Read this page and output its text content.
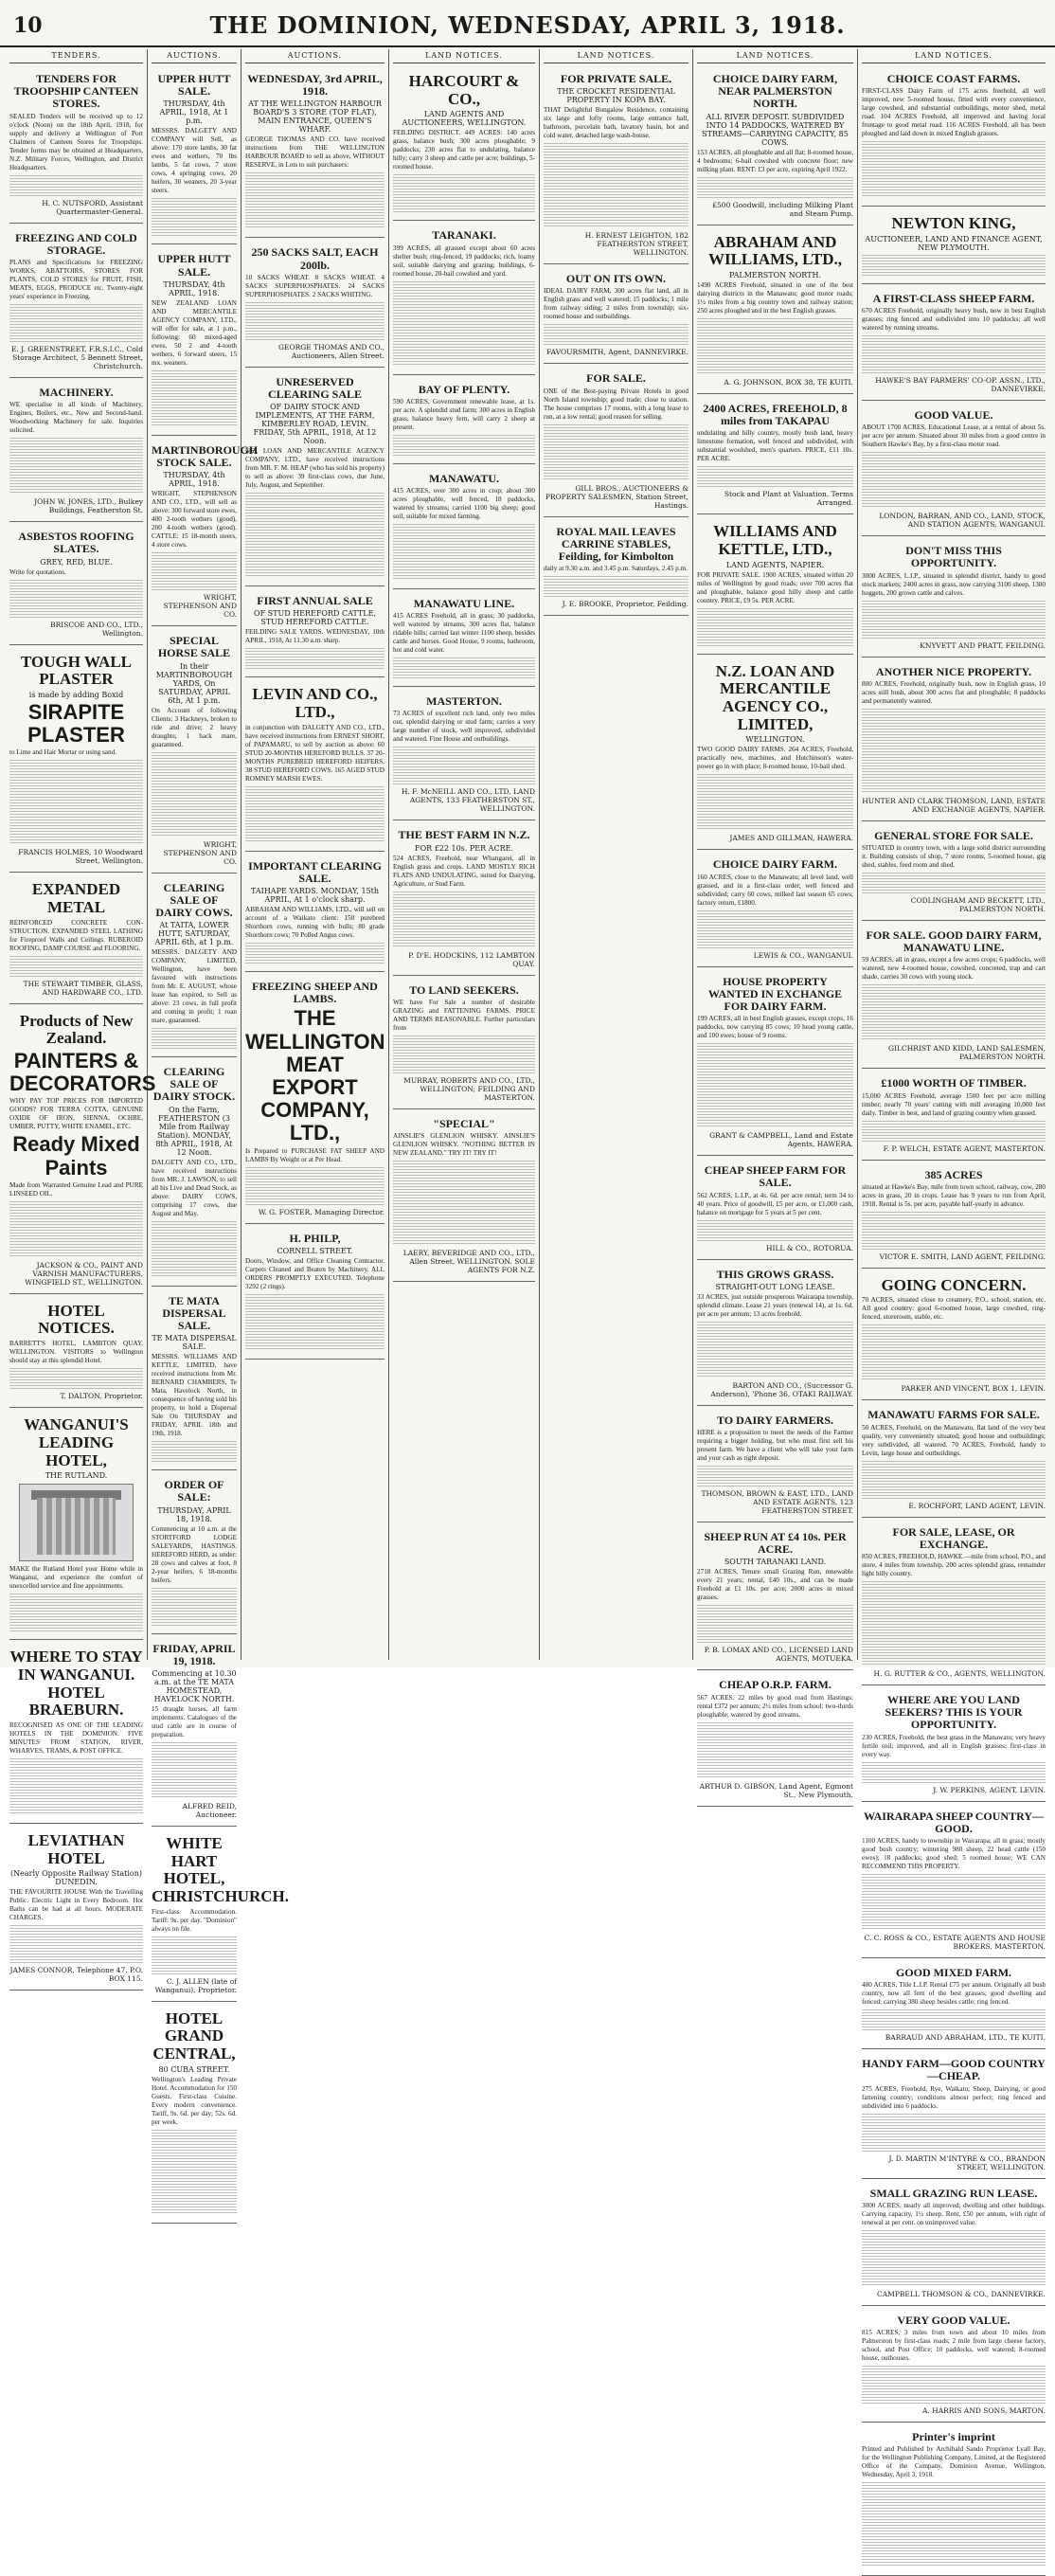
10	THE DOMINION, WEDNESDAY, APRIL 3, 1918.
TENDERS.
TENDERS FOR TROOPSHIP CANTEEN STORES.

SEALED Tenders will be received up to 12 o'clock (Noon) on the 18th April, 1918, for supply and delivery at Wellington of Port Chalmers of Canteen Stores for Troopships. Tender forms may be obtained at Headquarters, N.Z. Military Forces, Wellington, and District Headquarters.

H. C. NUTSFORD, Assistant Quartermaster-General.
FREEZING AND COLD STORAGE.

PLANS and Specifications for FREEZING WORKS, ABATTOIRS, STORES FOR PLANTS, COLD STORES for FRUIT, FISH, MEATS, EGGS, PRODUCE etc. Twenty-eight years' experience in Freezing.

E. J. GREENSTREET, F.R.S.I.C., Cold Storage Architect, 5 Bennett Street, Christchurch.
MACHINERY.

WE specialise in all kinds of Machinery, Engines, Boilers, etc., New and Second-hand. Woodworking Machinery for sale. Inquiries solicited.

JOHN W. JONES, LTD., Bulkey Buildings, Featherston St.
ASBESTOS ROOFING SLATES.
GREY, RED, BLUE.

Write for quotations.

BRISCOE AND CO., LTD., Wellington.
TOUGH WALL PLASTER
is made by adding Boxid
SIRAPITE PLASTER

to Lime and Hair Mortar or using sand.

FRANCIS HOLMES, 10 Woodward Street, Wellington.
EXPANDED METAL

REINFORCED CONCRETE CON-STRUCTION. EXPANDED STEEL LATHING for Fireproof Walls and Ceilings. RUBEROID ROOFING, DAMP COURSE and FLOORING.

THE STEWART TIMBER, GLASS, AND HARDWARE CO., LTD.
Products of New Zealand.
PAINTERS & DECORATORS

WHY PAY TOP PRICES FOR IMPORTED GOODS? FOR TERRA COTTA, GENUINE OXIDE OF IRON, SIENNA, OCHRE, UMBER, PUTTY, WHITE ENAMEL, ETC.

Ready Mixed Paints

Made from Warranted Genuine Lead and PURE LINSEED OIL.

JACKSON & CO., PAINT AND VARNISH MANUFACTURERS, WINGFIELD ST., WELLINGTON.
HOTEL NOTICES.

BARRETT'S HOTEL, LAMBTON QUAY, WELLINGTON. VISITORS to Wellington should stay at this splendid Hotel.

T. DALTON, Proprietor.
WANGANUI'S LEADING HOTEL,
THE RUTLAND.

MAKE the Rutland Hotel your Home while in Wanganui, and experience the comfort of unexcelled service and fine appointments.

WHERE TO STAY IN WANGANUI. HOTEL BRAEBURN.

RECOGNISED AS ONE OF THE LEADING HOTELS IN THE DOMINION. FIVE MINUTES FROM STATION, RIVER, WHARVES, TRAMS, & POST OFFICE.

LEVIATHAN HOTEL
(Nearly Opposite Railway Station) DUNEDIN.

THE FAVOURITE HOUSE With the Travelling Public. Electric Light in Every Bedroom. Hot Baths can be had at all hours. MODERATE CHARGES.

JAMES CONNOR, Telephone 47. P.O. BOX 115.
AUCTIONS.
UPPER HUTT SALE.
THURSDAY, 4th APRIL, 1918, At 1 p.m.

MESSRS. DALGETY AND COMPANY will Sell, as above: 170 store lambs, 30 fat ewes and wethers, 70 lbs lambs, 5 fat cows, 7 store cows, 4 springing cows, 20 heifers, 30 weaners, 20 3-year steers.

UPPER HUTT SALE.
THURSDAY, 4th APRIL, 1918.

NEW ZEALAND LOAN AND MERCANTILE AGENCY COMPANY, LTD., will offer for sale, at 1 p.m., following: 60 mixed-aged ewes, 50 2 and 4-tooth wethers, 6 forward steers, 15 mx. weaners.

MARTINBOROUGH STOCK SALE.
THURSDAY, 4th APRIL, 1918.

WRIGHT, STEPHENSON AND CO., LTD., will sell as above: 300 forward store ewes, 400 2-tooth wethers (good), 200 4-tooth wethers (good). CATTLE: 15 18-month steers, 4 store cows.

WRIGHT, STEPHENSON AND CO.
SPECIAL HORSE SALE
In their MARTINBOROUGH YARDS, On SATURDAY, APRIL 6th, At 1 p.m.

On Account of following Clients: 3 Hackneys, broken to ride and drive; 2 heavy draughts; 1 hack mare, guaranteed.

WRIGHT, STEPHENSON AND CO.
CLEARING SALE OF DAIRY COWS.
At TAITA, LOWER HUTT, SATURDAY, APRIL 6th, at 1 p.m.

MESSRS. DALGETY AND COMPANY, LIMITED, Wellington, have been favoured with instructions from Mr. E. AUGUST, whose lease has expired, to Sell as above: 23 cows, in full profit and coming in profit; 1 roan mare, guaranteed.

CLEARING SALE OF DAIRY STOCK.
On the Farm, FEATHERSTON (3 Mile from Railway Station). MONDAY, 8th APRIL, 1918, At 12 Noon.

DALGETY AND CO., LTD., have received instructions from MR. J. LAWSON, to sell all his Live and Dead Stock, as above: DAIRY COWS, comprising 17 cows, due August and May.

TE MATA DISPERSAL SALE.
TE MATA DISPERSAL SALE.

MESSRS. WILLIAMS AND KETTLE, LIMITED, have received instructions from Mr. BERNARD CHAMBERS, Te Mata, Havelock North, in consequence of having sold his property, to hold a Dispersal Sale On THURSDAY and FRIDAY, APRIL 18th and 19th, 1918.

ORDER OF SALE:
THURSDAY, APRIL 18, 1918.

Commencing at 10 a.m. at the STORTFORD LODGE SALEYARDS, HASTINGS. HEREFORD HERD, as under: 28 cows and calves at foot, 8 2-year heifers, 6 18-months heifers.

FRIDAY, APRIL 19, 1918.
Commencing at 10.30 a.m. at the TE MATA HOMESTEAD, HAVELOCK NORTH.

15 draught horses, all farm implements. Catalogues of the stud cattle are in course of preparation.

ALFRED REID, Auctioneer.
WHITE HART HOTEL, CHRISTCHURCH.

First-class Accommodation. Tariff: 9s. per day. "Dominion" always on file.

C. J. ALLEN (late of Wanganui), Proprietor.
HOTEL GRAND CENTRAL,
80 CUBA STREET.

Wellington's Leading Private Hotel. Accommodation for 150 Guests. First-class Cuisine. Every modern convenience. Tariff, 9s. 6d. per day; 52s. 6d. per week.

AUCTIONS.
WEDNESDAY, 3rd APRIL, 1918.
AT THE WELLINGTON HARBOUR BOARD'S 3 STORE (TOP FLAT), MAIN ENTRANCE, QUEEN'S WHARF.

GEORGE THOMAS AND CO. have received instructions from THE WELLINGTON HARBOUR BOARD to sell as above, WITHOUT RESERVE, in Lots to suit purchasers:

250 SACKS SALT, EACH 200lb.

10 SACKS WHEAT. 8 SACKS WHEAT. 4 SACKS SUPERPHOSPHATES. 24 SACKS SUPERPHOSPHATES. 2 SACKS WHITING.

GEORGE THOMAS AND CO., Auctioneers, Allen Street.
UNRESERVED CLEARING SALE
OF DAIRY STOCK AND IMPLEMENTS, AT THE FARM, KIMBERLEY ROAD, LEVIN. FRIDAY, 5th APRIL, 1918, At 12 Noon.

N.Z. LOAN AND MERCANTILE AGENCY COMPANY, LTD., have received instructions from MR. F. M. HEAP (who has sold his property) to sell as above: 39 first-class cows, due June, July, August, and September.

FIRST ANNUAL SALE
OF STUD HEREFORD CATTLE, STUD HEREFORD CATTLE.

FEILDING SALE YARDS. WEDNESDAY, 10th APRIL, 1918, At 11.30 a.m. sharp.

LEVIN AND CO., LTD.,

in conjunction with DALGETY AND CO., LTD., have received instructions from ERNEST SHORT, of PAPAMARU, to sell by auction as above: 60 STUD 20-MONTHS HEREFORD BULLS. 37 20-MONTHS PUREBRED HEREFORD HEIFERS. 38 STUD HEREFORD COWS. 165 AGED STUD ROMNEY MARSH EWES.

IMPORTANT CLEARING SALE.
TAIHAPE YARDS. MONDAY, 15th APRIL, At 1 o'clock sharp.

ABRAHAM AND WILLIAMS, LTD., will sell on account of a Waikato client: 150 purebred Shorthorn cows, running with bulls; 80 grade Shorthorn cows; 70 Polled Angus cows.

FREEZING SHEEP AND LAMBS.
THE WELLINGTON MEAT EXPORT COMPANY, LTD.,

Is Prepared to PURCHASE FAT SHEEP AND LAMBS By Weight or at Per Head.

W. G. FOSTER, Managing Director.
H. PHILP,
CORNELL STREET.

Doors, Window, and Office Cleaning Contractor. Carpets Cleaned and Beaten by Machinery. ALL ORDERS PROMPTLY EXECUTED. Telephone 3292 (2 rings).

LAND NOTICES.
HARCOURT & CO.,
LAND AGENTS AND AUCTIONEERS, WELLINGTON.

FEILDING DISTRICT. 449 ACRES: 140 acres grass, balance bush; 300 acres ploughable; 9 paddocks; 230 acres flat to undulating, balance hilly; carry 3 sheep and cattle per acre; buildings, 5-roomed house.

TARANAKI.

399 ACRES, all grassed except about 60 acres shelter bush; ring-fenced, 19 paddocks; rich, loamy soil, suitable dairying and grazing; buildings, 6-roomed house, 20-bail cowshed and yard.

BAY OF PLENTY.

590 ACRES, Government renewable lease, at 1s. per acre. A splendid stud farm; 300 acres in English grass, balance heavy fern, will carry 2 sheep at present.

MANAWATU.

415 ACRES, over 300 acres in crop; about 300 acres ploughable, well fenced, 18 paddocks, watered by streams; carried 1100 big sheep; good soil, suitable for mixed farming.

MANAWATU LINE.

415 ACRES Freehold, all in grass; 30 paddocks, well watered by streams, 300 acres flat, balance ridable hills; carried last winter 1100 sheep, besides cattle and horses. Good House, 9 rooms, bathroom, hot and cold water.

MASTERTON.

73 ACRES of excellent rich land, only two miles out, splendid dairying or stud farm; carries a very large number of stock, well improved, subdivided and watered. Fine House and outbuildings.

H. F. McNEILL AND CO., LTD, LAND AGENTS, 133 FEATHERSTON ST., WELLINGTON.
THE BEST FARM IN N.Z.
FOR £22 10s. PER ACRE.

524 ACRES, Freehold, near Whangarei, all in English grass and crops. LAND MOSTLY RICH FLATS AND UNDULATING, suited for Dairying, Agriculture, or Stud Farm.

P. D'E. HODCKINS, 112 LAMBTON QUAY.
TO LAND SEEKERS.

WE have For Sale a number of desirable GRAZING and FATTENING FARMS. PRICE AND TERMS REASONABLE. Further particulars from

MURRAY, ROBERTS AND CO., LTD., WELLINGTON; FEILDING AND MASTERTON.
"SPECIAL"

AINSLIE'S GLENLION WHISKY. AINSLIE'S GLENLION WHISKY. "NOTHING BETTER IN NEW ZEALAND." TRY IT! TRY IT!

LAERY, BEVERIDGE AND CO., LTD., Allen Street, WELLINGTON. SOLE AGENTS FOR N.Z.
LAND NOTICES.
FOR PRIVATE SALE.
THE CROCKET RESIDENTIAL PROPERTY IN KOPA BAY.

THAT Delightful Bungalow Residence, containing six large and lofty rooms, large entrance hall, bathroom, porcelain bath, lavatory basin, hot and cold water, detached large wash-house.

H. ERNEST LEIGHTON, 182 FEATHERSTON STREET, WELLINGTON.
OUT ON ITS OWN.

IDEAL DAIRY FARM, 300 acres flat land, all in English grass and well watered; 15 paddocks; 1 mile from railway siding; 2 miles from township; six-roomed house and outbuildings.

FAVOURSMITH, Agent, DANNEVIRKE.
FOR SALE.

ONE of the Best-paying Private Hotels in good North Island township; good trade; close to station. The house comprises 17 rooms, with a long lease to run, at a low rental; good reason for selling.

GILL BROS., AUCTIONEERS & PROPERTY SALESMEN, Station Street, Hastings.
ROYAL MAIL LEAVES CARRINE STABLES, Feilding, for Kimbolton

daily at 9.30 a.m. and 3.45 p.m. Saturdays, 2.45 p.m.

J. E. BROOKE, Proprietor, Feilding.
LAND NOTICES.
CHOICE DAIRY FARM, NEAR PALMERSTON NORTH.
ALL RIVER DEPOSIT. SUBDIVIDED INTO 14 PADDOCKS, WATERED BY STREAMS—CARRYING CAPACITY, 85 COWS.

153 ACRES, all ploughable and all flat; 8-roomed house, 4 bedrooms; 6-bail cowshed with concrete floor; new milking plant. RENT: £3 per acre, expiring April 1922.

£500 Goodwill, including Milking Plant and Steam Pump.
ABRAHAM AND WILLIAMS, LTD.,
PALMERSTON NORTH.

1490 ACRES Freehold, situated in one of the best dairying districts in the Manawatu; good motor roads; 1½ miles from a big country town and railway station; 250 acres ploughed and in the best English grasses.

A. G. JOHNSON, BOX 38, TE KUITI.
2400 ACRES, FREEHOLD, 8 miles from TAKAPAU

undulating and hilly country, mostly bush land, heavy limestone formation, well fenced and subdivided, with substantial woolshed, men's quarters. PRICE, £11 10s. PER ACRE.

Stock and Plant at Valuation. Terms Arranged.
WILLIAMS AND KETTLE, LTD.,
LAND AGENTS, NAPIER.

FOR PRIVATE SALE. 1900 ACRES, situated within 20 miles of Wellington by good roads; over 700 acres flat and ploughable, balance good hilly sheep and cattle country. PRICE, £9 5s. PER ACRE.

N.Z. LOAN AND MERCANTILE AGENCY CO., LIMITED,
WELLINGTON.

TWO GOOD DAIRY FARMS. 264 ACRES, Freehold, practically new, machines, and Hutchinson's water-power go in with place; 8-roomed house, 10-bail shed.

JAMES AND GILLMAN, HAWERA.
CHOICE DAIRY FARM.

160 ACRES, close to the Manawatu; all level land, well grassed, and in a first-class order; well fenced and subdivided; carry 60 cows, milked last season 65 cows; factory return, £1800.

LEWIS & CO., WANGANUI.
HOUSE PROPERTY WANTED IN EXCHANGE FOR DAIRY FARM.

199 ACRES, all in best English grasses, except crops, 16 paddocks, now carrying 85 cows; 10 head young cattle, and 100 ewes; house of 9 rooms.

GRANT & CAMPBELL, Land and Estate Agents, HAWERA.
CHEAP SHEEP FARM FOR SALE.

562 ACRES, L.I.P., at 4s. 6d. per acre rental; term 34 to 40 years. Price of goodwill, £5 per acre, or £1,000 cash, balance on mortgage for 5 years at 5 per cent.

HILL & CO., ROTORUA.
THIS GROWS GRASS.
STRAIGHT-OUT LONG LEASE.

33 ACRES, just outside prosperous Wairarapa township, splendid climate. Lease 21 years (renewal 14), at 1s. 6d. per acre per annum; 13 acres freehold.

BARTON AND CO., (Successor G. Anderson), 'Phone 36, OTAKI RAILWAY.
TO DAIRY FARMERS.

HERE is a proposition to meet the needs of the Farmer requiring a bigger holding, but who must first sell his present farm. We have a client who will take your farm and your cash as right deposit.

THOMSON, BROWN & EAST, LTD., LAND AND ESTATE AGENTS, 123 FEATHERSTON STREET.
SHEEP RUN AT £4 10s. PER ACRE.
SOUTH TARANAKI LAND.

2718 ACRES, Tenure small Grazing Run, renewable every 21 years; rental, £40 10s., and can be made Freehold at £1 10s. per acre; 2000 acres in mixed grasses.

P. B. LOMAX AND CO., LICENSED LAND AGENTS, MOTUEKA.
CHEAP O.R.P. FARM.

567 ACRES, 22 miles by good road from Hastings; rental £372 per annum; 2½ miles from school; two-thirds ploughable; watered by good streams.

ARTHUR D. GIBSON, Land Agent, Egmont St., New Plymouth.
LAND NOTICES.
CHOICE COAST FARMS.

FIRST-CLASS Dairy Farm of 175 acres freehold, all well improved, new 5-roomed house, fitted with every convenience, large cowshed, and substantial outbuildings, motor shed, metal road. 104 ACRES Freehold, all improved and having local frontage to good metal road. 116 ACRES Freehold, all has been ploughed and laid down in mixed English grasses.

NEWTON KING,
AUCTIONEER, LAND AND FINANCE AGENT, NEW PLYMOUTH.
A FIRST-CLASS SHEEP FARM.

670 ACRES Freehold, originally heavy bush, now in best English grasses; ring fenced and subdivided into 10 paddocks; all well watered by running streams.

HAWKE'S BAY FARMERS' CO-OP. ASSN., LTD., DANNEVIRKE.
GOOD VALUE.

ABOUT 1700 ACRES, Educational Lease, at a rental of about 5s. per acre per annum. Situated about 30 miles from a good centre in Southern Hawke's Bay, by a first-class motor road.

LONDON, BARRAN, AND CO., LAND, STOCK, AND STATION AGENTS, WANGANUI.
DON'T MISS THIS OPPORTUNITY.

3000 ACRES, L.I.P., situated in splendid district, handy to good stock markets; 2400 acres in grass, now carrying 3100 sheep, 1300 hoggets, 200 grown cattle and calves.

KNYVETT AND PRATT, FEILDING.
ANOTHER NICE PROPERTY.

800 ACRES, Freehold, originally bush, now in English grass, 10 acres still bush, about 300 acres flat and ploughable; 8 paddocks and permanently watered.

HUNTER AND CLARK THOMSON, LAND, ESTATE AND EXCHANGE AGENTS, NAPIER.
GENERAL STORE FOR SALE.

SITUATED in country town, with a large solid district surrounding it. Building consists of shop, 7 store rooms, 5-roomed house, gig shed, stables, feed room and shed.

CODLINGHAM AND BECKETT, LTD., PALMERSTON NORTH.
FOR SALE. GOOD DAIRY FARM, MANAWATU LINE.

59 ACRES, all in grass, except a few acres crops; 6 paddocks, well watered, new 4-roomed house, cowshed, concreted, trap and cart shade, carries 30 cows with young stock.

GILCHRIST AND KIDD, LAND SALESMEN, PALMERSTON NORTH.
£1000 WORTH OF TIMBER.

15,000 ACRES Freehold, average 1500 feet per acre milling timber; nearly 70 years' cutting with mill averaging 10,000 feet daily. Timber in best, and land of grazing country when grassed.

F. P. WELCH, ESTATE AGENT, MASTERTON.
385 ACRES

situated at Hawke's Bay, mile from town school, railway, cow, 280 acres in grass, 20 in crops. Lease has 9 years to run from April, 1918. Rental is 5s. per acre, payable half-yearly in advance.

VICTOR E. SMITH, LAND AGENT, FEILDING.
GOING CONCERN.

70 ACRES, situated close to creamery, P.O., school, station, etc. All good country: good 6-roomed house, large cowshed, ring-fenced, storeroom, stable, etc.

PARKER AND VINCENT, BOX 1, LEVIN.
MANAWATU FARMS FOR SALE.

50 ACRES, Freehold, on the Manawatu, flat land of the very best quality, very conveniently situated; good house and outbuildings; very subdivided, all watered. 70 ACRES, Freehold, handy to Levin, large house and outbuildings.

E. ROCHFORT, LAND AGENT, LEVIN.
FOR SALE, LEASE, OR EXCHANGE.

850 ACRES, FREEHOLD, HAWKE.—mile from school, P.O., and store, 4 miles from township. 200 acres splendid grass, remainder light hilly country.

H. G. RUTTER & CO., AGENTS, WELLINGTON.
WHERE ARE YOU LAND SEEKERS? THIS IS YOUR OPPORTUNITY.

230 ACRES, Freehold, the best grass in the Manawatu; very heavy fertile soil; improved, and all in English grasses; first-class in every way.

J. W. PERKINS, AGENT, LEVIN.
WAIRARAPA SHEEP COUNTRY—GOOD.

1100 ACRES, handy to township in Wairarapa; all in grass; mostly good bush country; wintering 980 sheep, 22 head cattle (150 ewes); 18 paddocks; good shed; 5 roomed house; WE CAN RECOMMEND THIS PROPERTY.

C. C. ROSS & CO., ESTATE AGENTS AND HOUSE BROKERS, MASTERTON.
GOOD MIXED FARM.

480 ACRES, Title L.I.P. Rental £75 per annum. Originally all bush country, now all fern of the best grasses; good dwelling and fenced; carrying 380 sheep besides cattle; ring fenced.

BARRAUD AND ABRAHAM, LTD., TE KUITI.
HANDY FARM—GOOD COUNTRY—CHEAP.

275 ACRES, Freehold, Rye, Waikato; Sheep, Dairying, or good fattening country; conditions almost perfect; ring fenced and subdivided into 6 paddocks.

J. D. MARTIN M'INTYRE & CO., BRANDON STREET, WELLINGTON.
SMALL GRAZING RUN LEASE.

3000 ACRES, nearly all improved; dwelling and other buildings. Carrying capacity, 1½ sheep. Rent, £50 per annum, with right of renewal at per cent. on unimproved value.

CAMPBELL THOMSON & CO., DANNEVIRKE.
VERY GOOD VALUE.

815 ACRES, 3 miles from town and about 10 miles from Palmerston by first-class roads; 2 mile from large cheese factory, school, and Post Office; 10 paddocks, well watered; 8-roomed house, outhouses.

A. HARRIS AND SONS, MARTON.
Printer's imprint

Printed and Published by Archibald Sando Proprietor Lyall Bay, for the Wellington Publishing Company, Limited, at the Registered Office of the Company, Dominion Avenue, Wellington, Wednesday, April 3, 1918.
